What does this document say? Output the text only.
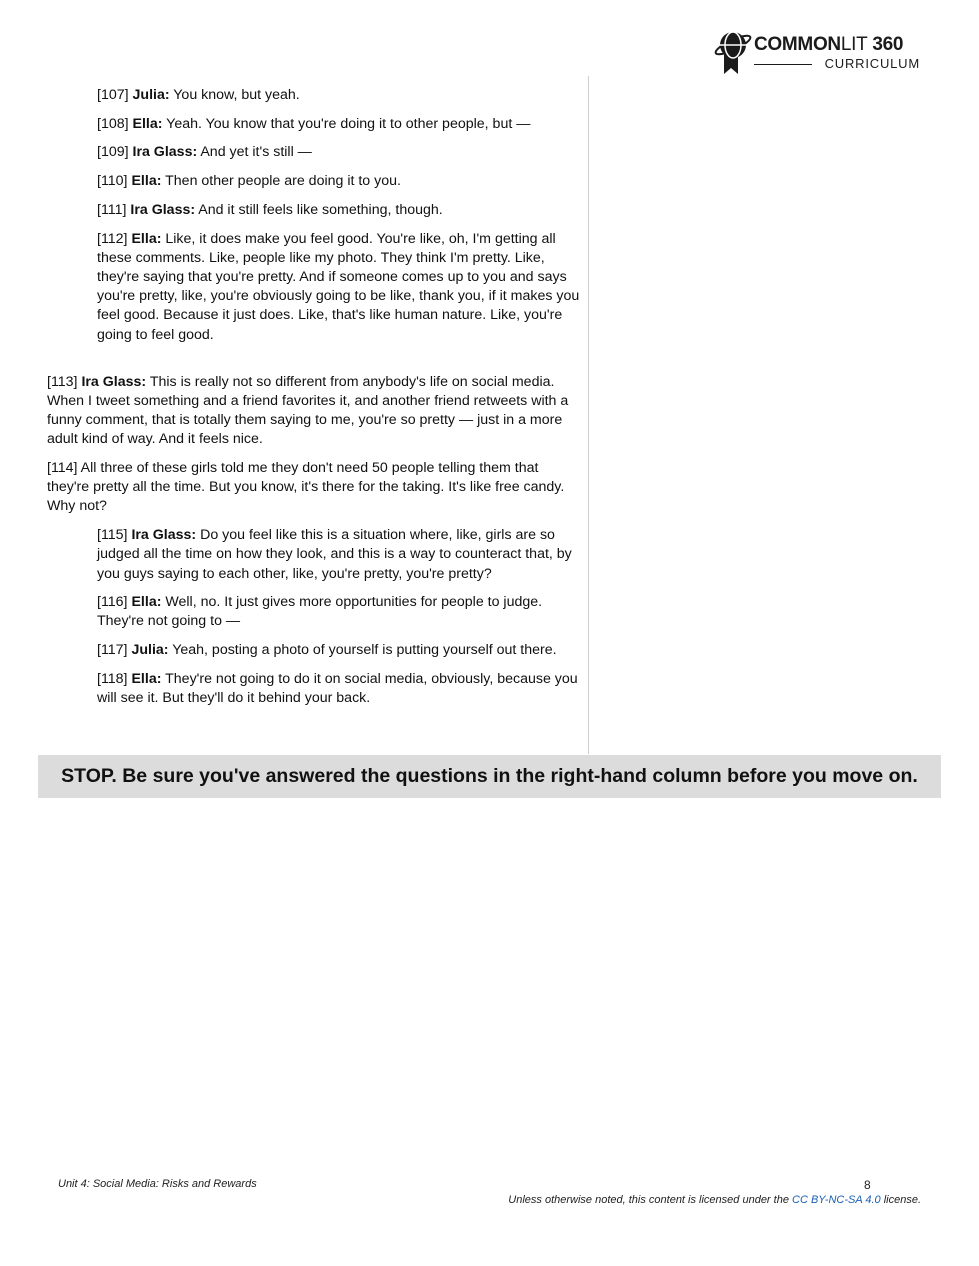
COMMONLIT 360
CURRICULUM

[107] Julia: You know, but yeah.

[108] Ella: Yeah. You know that you're doing it to other people, but —

[109] Ira Glass: And yet it's still —

[110] Ella: Then other people are doing it to you.

[111] Ira Glass: And it still feels like something, though.

[112] Ella: Like, it does make you feel good. You're like, oh, I'm getting all these comments. Like, people like my photo. They think I'm pretty. Like, they're saying that you're pretty. And if someone comes up to you and says you're pretty, like, you're obviously going to be like, thank you, if it makes you feel good. Because it just does. Like, that's like human nature. Like, you're going to feel good.

[113] Ira Glass: This is really not so different from anybody's life on social media. When I tweet something and a friend favorites it, and another friend retweets with a funny comment, that is totally them saying to me, you're so pretty — just in a more adult kind of way. And it feels nice.

[114] All three of these girls told me they don't need 50 people telling them that they're pretty all the time. But you know, it's there for the taking. It's like free candy. Why not?

[115] Ira Glass: Do you feel like this is a situation where, like, girls are so judged all the time on how they look, and this is a way to counteract that, by you guys saying to each other, like, you're pretty, you're pretty?

[116] Ella: Well, no. It just gives more opportunities for people to judge. They're not going to —

[117] Julia: Yeah, posting a photo of yourself is putting yourself out there.

[118] Ella: They're not going to do it on social media, obviously, because you will see it. But they'll do it behind your back.

STOP. Be sure you've answered the questions in the right-hand column before you move on.
Unit 4: Social Media: Risks and Rewards	8
Unless otherwise noted, this content is licensed under the CC BY-NC-SA 4.0 license.
